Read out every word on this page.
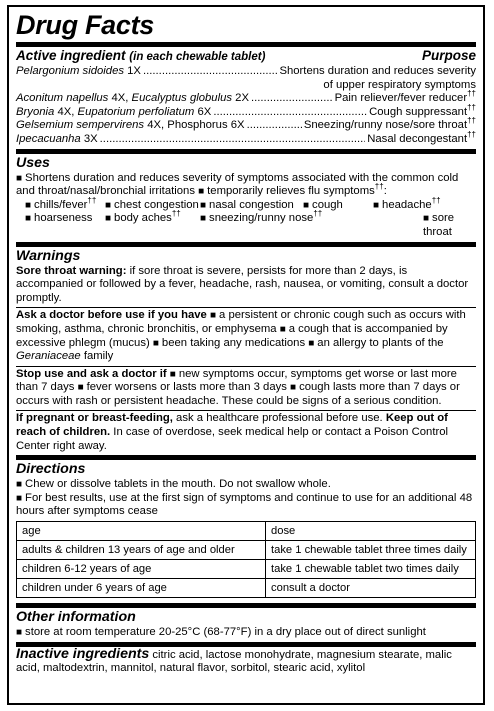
Drug Facts
Active ingredient (in each chewable tablet)	Purpose
Pelargonium sidoides 1X .....	Shortens duration and reduces severity
of upper respiratory symptoms
Aconitum napellus 4X, Eucalyptus globulus 2X .....	Pain reliever/fever reducer††
Bryonia 4X, Eupatorium perfoliatum 6X .....	Cough suppressant††
Gelsemium sempervirens 4X, Phosphorus 6X .....	Sneezing/runny nose/sore throat††
Ipecacuanha 3X .....	Nasal decongestant††
Uses

■ Shortens duration and reduces severity of symptoms associated with the common cold

and throat/nasal/bronchial irritations ■ temporarily relieves flu symptoms††:

■ chills/fever††	■ chest congestion ■ nasal congestion	■ cough	■ headache††
■ hoarseness	■ body aches††	■ sneezing/runny nose††	■ sore throat
Warnings

Sore throat warning: if sore throat is severe, persists for more than 2 days, is accompanied or followed by a fever, headache, rash, nausea, or vomiting, consult a doctor promptly.

Ask a doctor before use if you have ■ a persistent or chronic cough such as occurs with smoking, asthma, chronic bronchitis, or emphysema ■ a cough that is accompanied by excessive phlegm (mucus) ■ been taking any medications ■ an allergy to plants of the Geraniaceae family

Stop use and ask a doctor if ■ new symptoms occur, symptoms get worse or last more than 7 days ■ fever worsens or lasts more than 3 days ■ cough lasts more than 7 days or occurs with rash or persistent headache. These could be signs of a serious condition.

If pregnant or breast-feeding, ask a healthcare professional before use. Keep out of reach of children. In case of overdose, seek medical help or contact a Poison Control Center right away.

Directions

■ Chew or dissolve tablets in the mouth. Do not swallow whole.

■ For best results, use at the first sign of symptoms and continue to use for an additional 48 hours after symptoms cease

age	dose
adults & children 13 years of age and older	take 1 chewable tablet three times daily
children 6-12 years of age	take 1 chewable tablet two times daily
children under 6 years of age	consult a doctor
Other information

■ store at room temperature 20-25°C (68-77°F) in a dry place out of direct sunlight

Inactive ingredients citric acid, lactose monohydrate, magnesium stearate, malic acid, maltodextrin, mannitol, natural flavor, sorbitol, stearic acid, xylitol
